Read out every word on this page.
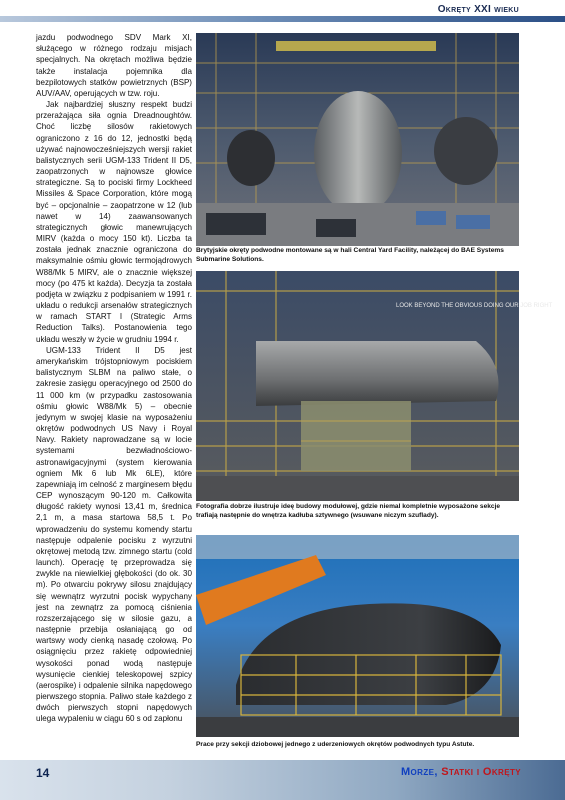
Okręty XXI wieku

jazdu podwodnego SDV Mark XI, służącego w różnego rodzaju misjach specjalnych. Na okrętach możliwa będzie także instalacja pojemnika dla bezpilotowych statków powietrznych (BSP) AUV/AAV, operujących w tzw. roju.

Jak najbardziej słuszny respekt budzi przerażająca siła ognia Dreadnoughtów. Choć liczbę silosów rakietowych ograniczono z 16 do 12, jednostki będą używać najnowocześniejszych wersji rakiet balistycznych serii UGM-133 Trident II D5, zaopatrzonych w najnowsze głowice strategiczne. Są to pociski firmy Lockheed Missiles & Space Corporation, które mogą być – opcjonalnie – zaopatrzone w 12 (lub nawet w 14) zaawansowanych strategicznych głowic manewrujących MIRV (każda o mocy 150 kt). Liczba ta została jednak znacznie ograniczona do maksymalnie ośmiu głowic termojądrowych W88/Mk 5 MIRV, ale o znacznie większej mocy (po 475 kt każda). Decyzja ta została podjęta w związku z podpisaniem w 1991 r. układu o redukcji arsenałów strategicznych w ramach START I (Strategic Arms Reduction Talks). Postanowienia tego układu weszły w życie w grudniu 1994 r.

UGM-133 Trident II D5 jest amerykańskim trójstopniowym pociskiem balistycznym SLBM na paliwo stałe, o zakresie zasięgu operacyjnego od 2500 do 11 000 km (w przypadku zastosowania ośmiu głowic W88/Mk 5) – obecnie jedynym w swojej klasie na wyposażeniu okrętów podwodnych US Navy i Royal Navy. Rakiety naprowadzane są w locie systemami bezwładnościowo-astronawigacyjnymi (system kierowania ogniem Mk 6 lub Mk 6LE), które zapewniają im celność z marginesem błędu CEP wynoszącym 90-120 m. Całkowita długość rakiety wynosi 13,41 m, średnica 2,1 m, a masa startowa 58,5 t. Po wprowadzeniu do systemu komendy startu następuje odpalenie pocisku z wyrzutni okrętowej metodą tzw. zimnego startu (cold launch). Operację tę przeprowadza się zwykle na niewielkiej głębokości (do ok. 30 m). Po otwarciu pokrywy silosu znajdujący się wewnątrz wyrzutni pocisk wypychany jest na zewnątrz za pomocą ciśnienia rozszerzającego się w silosie gazu, a następnie przebija osłaniającą go od wartswy wody cienką nasadę czołową. Po osiągnięciu przez rakietę odpowiedniej wysokości ponad wodą następuje wysunięcie cienkiej teleskopowej szpicy (aerospike) i odpalenie silnika napędowego pierwszego stopnia. Paliwo stałe każdego z dwóch pierwszych stopni napędowych ulega wypaleniu w ciągu 60 s od zapłonu

Brytyjskie okręty podwodne montowane są w hali Central Yard Facility, należącej do BAE Systems Submarine Solutions.
LOOK BEYOND THE OBVIOUS DOING OUR JOB RIGHT
Fotografia dobrze ilustruje ideę budowy modułowej, gdzie niemal kompletnie wyposażone sekcje trafiają następnie do wnętrza kadłuba sztywnego (wsuwane niczym szuflady).
Prace przy sekcji dziobowej jednego z uderzeniowych okrętów podwodnych typu Astute.
14	Morze, Statki i Okręty
